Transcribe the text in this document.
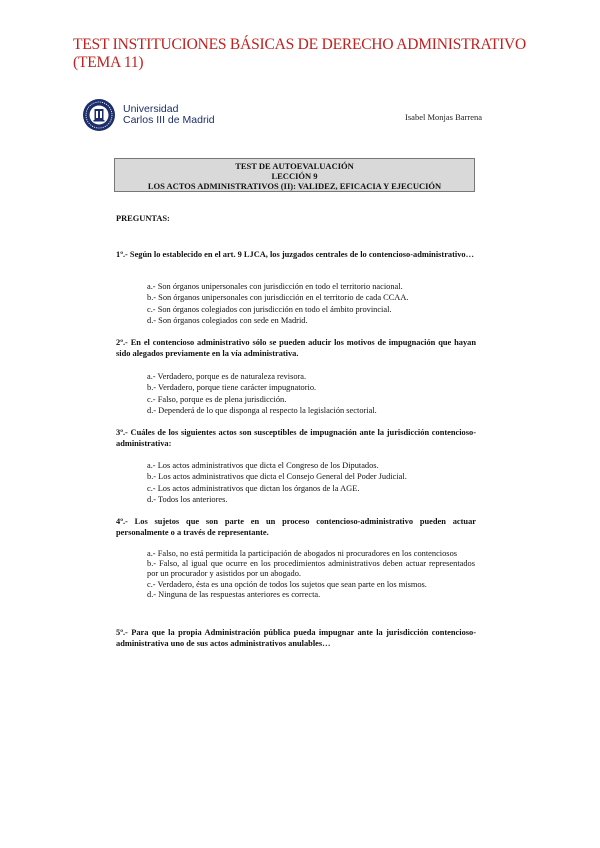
TEST INSTITUCIONES BÁSICAS DE DERECHO ADMINISTRATIVO (TEMA 11)
Universidad
Carlos III de Madrid	Isabel Monjas Barrena
TEST DE AUTOEVALUACIÓN
LECCIÓN 9
LOS ACTOS ADMINISTRATIVOS (II): VALIDEZ, EFICACIA Y EJECUCIÓN
PREGUNTAS:
1º.- Según lo establecido en el art. 9 LJCA, los juzgados centrales de lo contencioso-administrativo…
a.- Son órganos unipersonales con jurisdicción en todo el territorio nacional.
b.- Son órganos unipersonales con jurisdicción en el territorio de cada CCAA.
c.- Son órganos colegiados con jurisdicción en todo el ámbito provincial.
d.- Son órganos colegiados con sede en Madrid.
2º.- En el contencioso administrativo sólo se pueden aducir los motivos de impugnación que hayan sido alegados previamente en la vía administrativa.
a.- Verdadero, porque es de naturaleza revisora.
b.- Verdadero, porque tiene carácter impugnatorio.
c.- Falso, porque es de plena jurisdicción.
d.- Dependerá de lo que disponga al respecto la legislación sectorial.
3º.- Cuáles de los siguientes actos son susceptibles de impugnación ante la jurisdicción contencioso-administrativa:
a.- Los actos administrativos que dicta el Congreso de los Diputados.
b.- Los actos administrativos que dicta el Consejo General del Poder Judicial.
c.- Los actos administrativos que dictan los órganos de la AGE.
d.- Todos los anteriores.
4º.- Los sujetos que son parte en un proceso contencioso-administrativo pueden actuar personalmente o a través de representante.
a.- Falso, no está permitida la participación de abogados ni procuradores en los contenciosos
b.- Falso, al igual que ocurre en los procedimientos administrativos deben actuar representados por un procurador y asistidos por un abogado.
c.- Verdadero, ésta es una opción de todos los sujetos que sean parte en los mismos.
d.- Ninguna de las respuestas anteriores es correcta.
5º.- Para que la propia Administración pública pueda impugnar ante la jurisdicción contencioso-administrativa uno de sus actos administrativos anulables…
